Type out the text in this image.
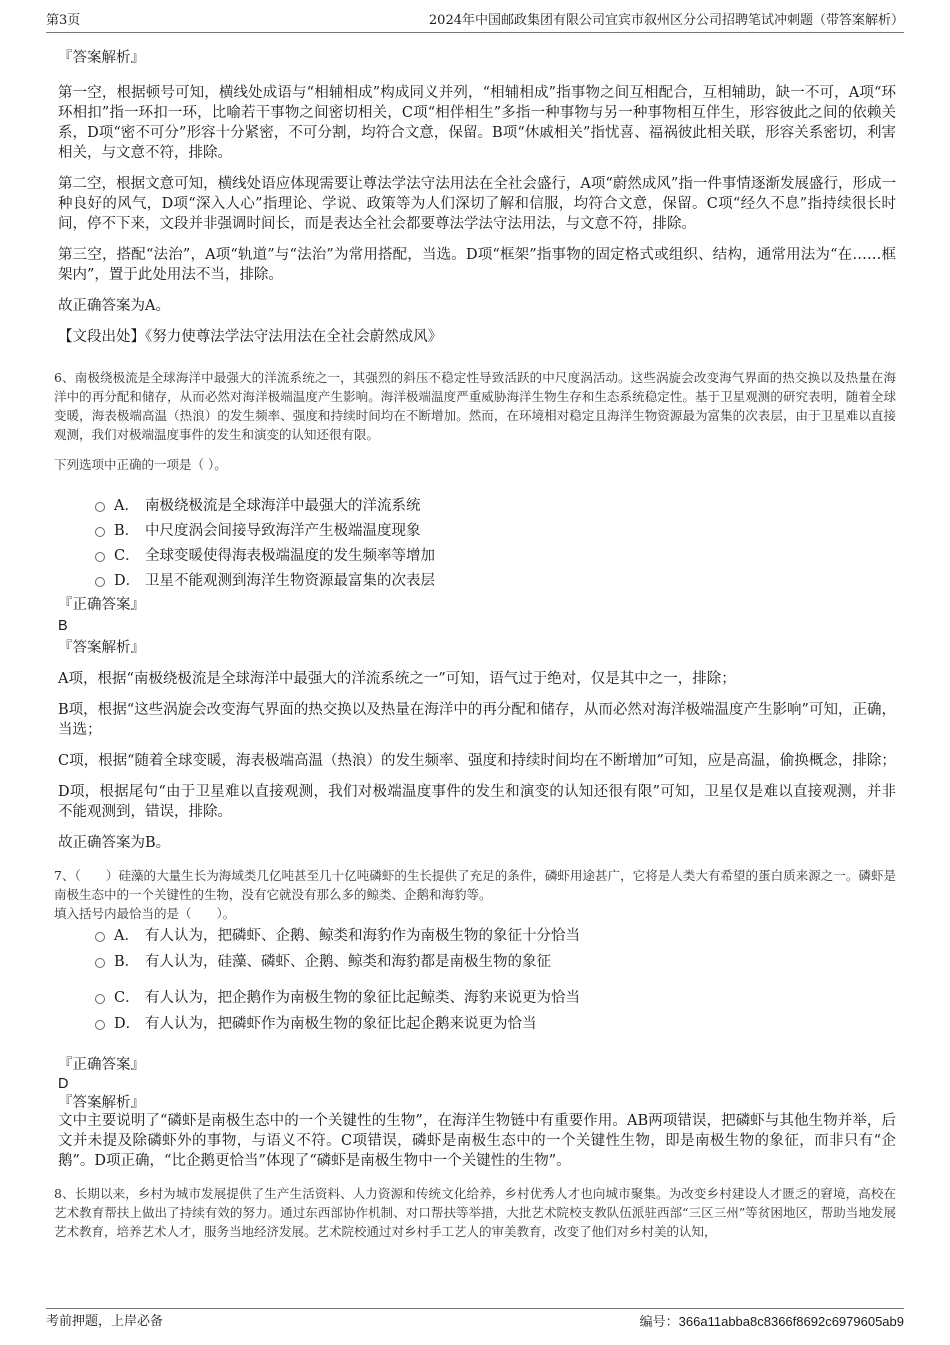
第3页	2024年中国邮政集团有限公司宜宾市叙州区分公司招聘笔试冲刺题（带答案解析）
『答案解析』

第一空，根据顿号可知，横线处成语与“相辅相成”构成同义并列，“相辅相成”指事物之间互相配合，互相辅助，缺一不可，A项“环环相扣”指一环扣一环，比喻若干事物之间密切相关，C项“相伴相生”多指一种事物与另一种事物相互伴生，形容彼此之间的依赖关系，D项“密不可分”形容十分紧密，不可分割，均符合文意，保留。B项“休戚相关”指忧喜、福祸彼此相关联，形容关系密切，利害相关，与文意不符，排除。

第二空，根据文意可知，横线处语应体现需要让尊法学法守法用法在全社会盛行，A项“蔚然成风”指一件事情逐渐发展盛行，形成一种良好的风气，D项“深入人心”指理论、学说、政策等为人们深切了解和信服，均符合文意，保留。C项“经久不息”指持续很长时间，停不下来，文段并非强调时间长，而是表达全社会都要尊法学法守法用法，与文意不符，排除。

第三空，搭配“法治”，A项“轨道”与“法治”为常用搭配，当选。D项“框架”指事物的固定格式或组织、结构，通常用法为“在……框架内”，置于此处用法不当，排除。

故正确答案为A。

【文段出处】《努力使尊法学法守法用法在全社会蔚然成风》

6、南极绕极流是全球海洋中最强大的洋流系统之一，其强烈的斜压不稳定性导致活跃的中尺度涡活动。这些涡旋会改变海气界面的热交换以及热量在海洋中的再分配和储存，从而必然对海洋极端温度产生影响。海洋极端温度严重威胁海洋生物生存和生态系统稳定性。基于卫星观测的研究表明，随着全球变暖，海表极端高温（热浪）的发生频率、强度和持续时间均在不断增加。然而，在环境相对稳定且海洋生物资源最为富集的次表层，由于卫星难以直接观测，我们对极端温度事件的发生和演变的认知还很有限。

下列选项中正确的一项是（ ）。

A． 南极绕极流是全球海洋中最强大的洋流系统
B． 中尺度涡会间接导致海洋产生极端温度现象
C． 全球变暖使得海表极端温度的发生频率等增加
D． 卫星不能观测到海洋生物资源最富集的次表层
『正确答案』
B
『答案解析』

A项，根据“南极绕极流是全球海洋中最强大的洋流系统之一”可知，语气过于绝对，仅是其中之一，排除；

B项，根据“这些涡旋会改变海气界面的热交换以及热量在海洋中的再分配和储存，从而必然对海洋极端温度产生影响”可知，正确，当选；

C项，根据“随着全球变暖，海表极端高温（热浪）的发生频率、强度和持续时间均在不断增加”可知，应是高温，偷换概念，排除；

D项，根据尾句“由于卫星难以直接观测，我们对极端温度事件的发生和演变的认知还很有限”可知，卫星仅是难以直接观测，并非不能观测到，错误，排除。

故正确答案为B。

7、（　　）硅藻的大量生长为海域类几亿吨甚至几十亿吨磷虾的生长提供了充足的条件，磷虾用途甚广，它将是人类大有希望的蛋白质来源之一。磷虾是南极生态中的一个关键性的生物，没有它就没有那么多的鲸类、企鹅和海豹等。

填入括号内最恰当的是（　　）。

A． 有人认为，把磷虾、企鹅、鲸类和海豹作为南极生物的象征十分恰当
B． 有人认为，硅藻、磷虾、企鹅、鲸类和海豹都是南极生物的象征
C． 有人认为，把企鹅作为南极生物的象征比起鲸类、海豹来说更为恰当
D． 有人认为，把磷虾作为南极生物的象征比起企鹅来说更为恰当
『正确答案』
D
『答案解析』

文中主要说明了“磷虾是南极生态中的一个关键性的生物”，在海洋生物链中有重要作用。AB两项错误，把磷虾与其他生物并举，后文并未提及除磷虾外的事物，与语义不符。C项错误，磷虾是南极生态中的一个关键性生物，即是南极生物的象征，而非只有“企鹅”。D项正确，“比企鹅更恰当”体现了“磷虾是南极生物中一个关键性的生物”。

8、长期以来，乡村为城市发展提供了生产生活资料、人力资源和传统文化给养，乡村优秀人才也向城市聚集。为改变乡村建设人才匮乏的窘境，高校在艺术教育帮扶上做出了持续有效的努力。通过东西部协作机制、对口帮扶等举措，大批艺术院校支教队伍派驻西部“三区三州”等贫困地区，帮助当地发展艺术教育，培养艺术人才，服务当地经济发展。艺术院校通过对乡村手工艺人的审美教育，改变了他们对乡村美的认知，

考前押题，上岸必备	编号：366a11abba8c8366f8692c6979605ab9
